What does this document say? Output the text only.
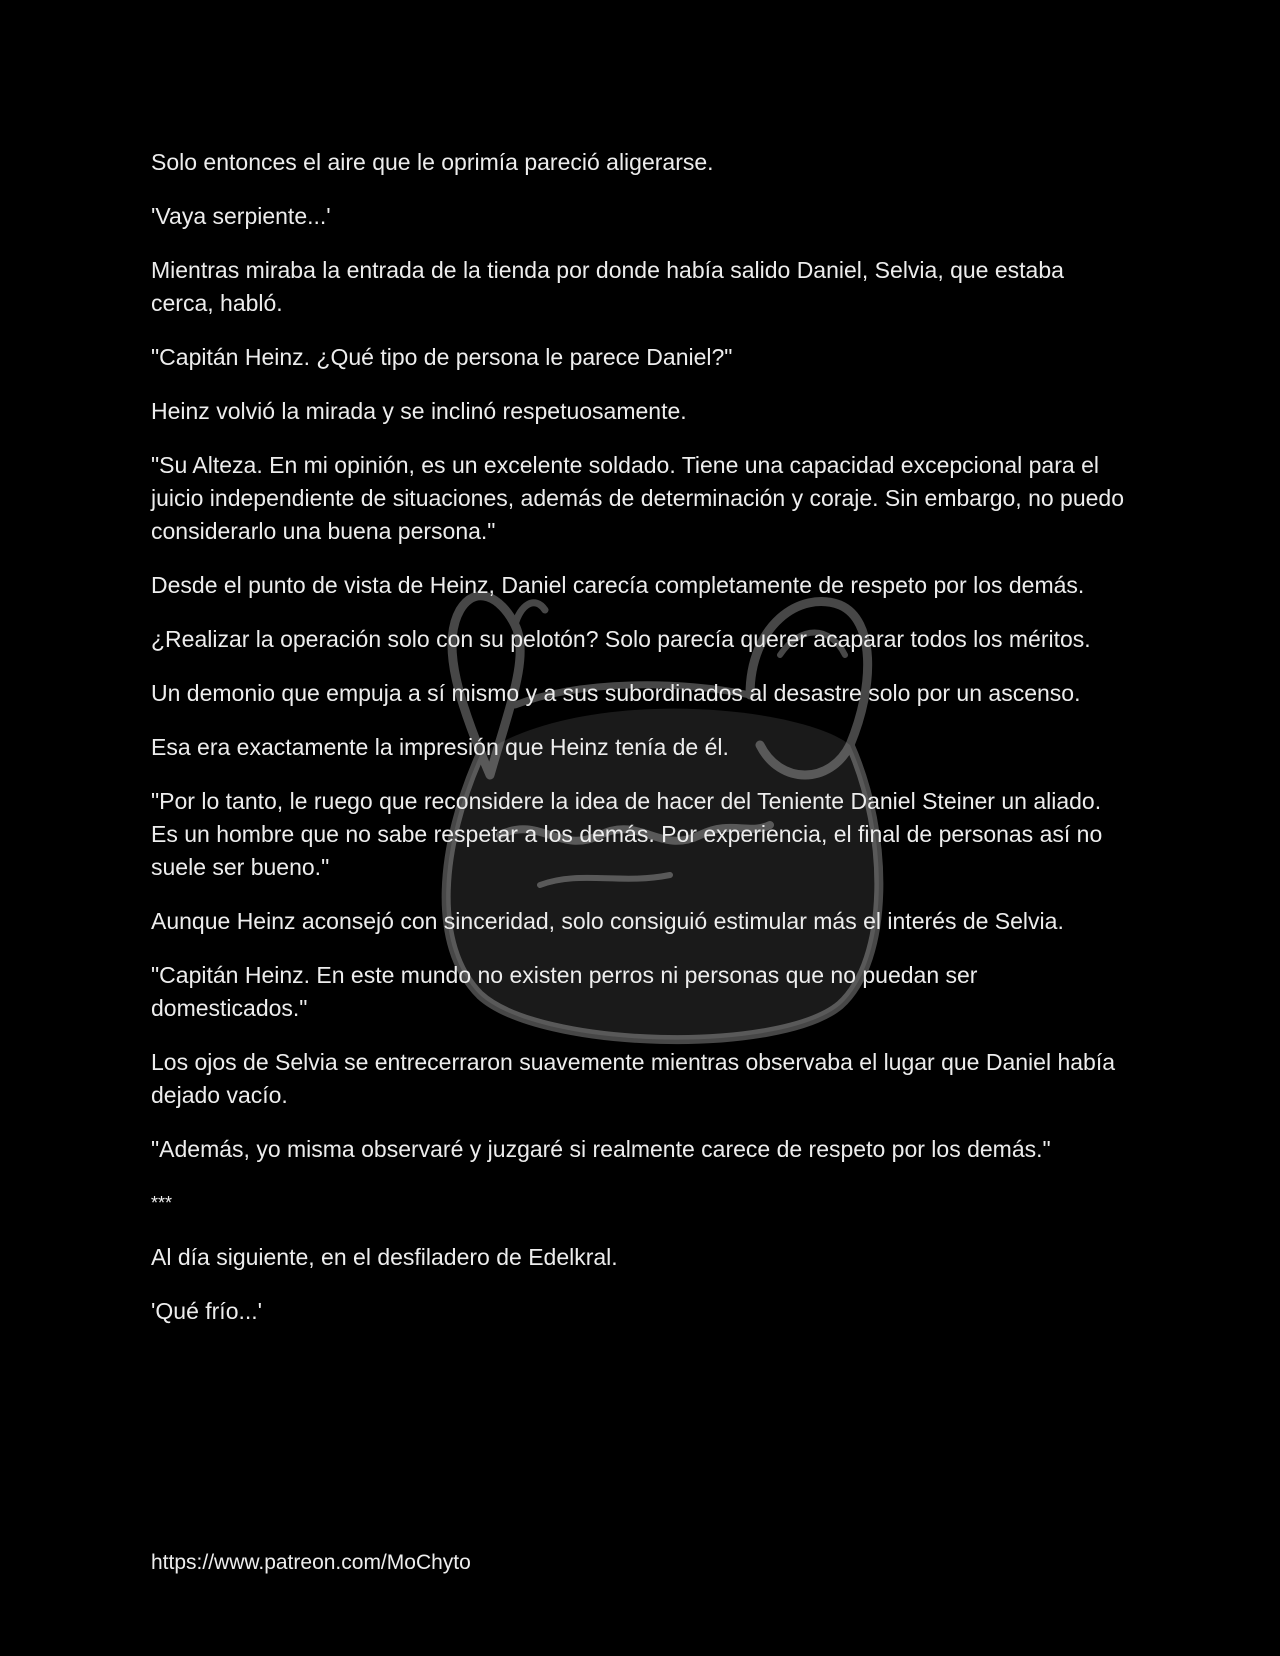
Solo entonces el aire que le oprimía pareció aligerarse.

'Vaya serpiente...'

Mientras miraba la entrada de la tienda por donde había salido Daniel, Selvia, que estaba cerca, habló.

"Capitán Heinz. ¿Qué tipo de persona le parece Daniel?"

Heinz volvió la mirada y se inclinó respetuosamente.

"Su Alteza. En mi opinión, es un excelente soldado. Tiene una capacidad excepcional para el juicio independiente de situaciones, además de determinación y coraje. Sin embargo, no puedo considerarlo una buena persona."

Desde el punto de vista de Heinz, Daniel carecía completamente de respeto por los demás.

¿Realizar la operación solo con su pelotón? Solo parecía querer acaparar todos los méritos.

Un demonio que empuja a sí mismo y a sus subordinados al desastre solo por un ascenso.

Esa era exactamente la impresión que Heinz tenía de él.

"Por lo tanto, le ruego que reconsidere la idea de hacer del Teniente Daniel Steiner un aliado. Es un hombre que no sabe respetar a los demás. Por experiencia, el final de personas así no suele ser bueno."

Aunque Heinz aconsejó con sinceridad, solo consiguió estimular más el interés de Selvia.

"Capitán Heinz. En este mundo no existen perros ni personas que no puedan ser domesticados."

Los ojos de Selvia se entrecerraron suavemente mientras observaba el lugar que Daniel había dejado vacío.

"Además, yo misma observaré y juzgaré si realmente carece de respeto por los demás."

***

Al día siguiente, en el desfiladero de Edelkral.

'Qué frío...'

https://www.patreon.com/MoChyto
